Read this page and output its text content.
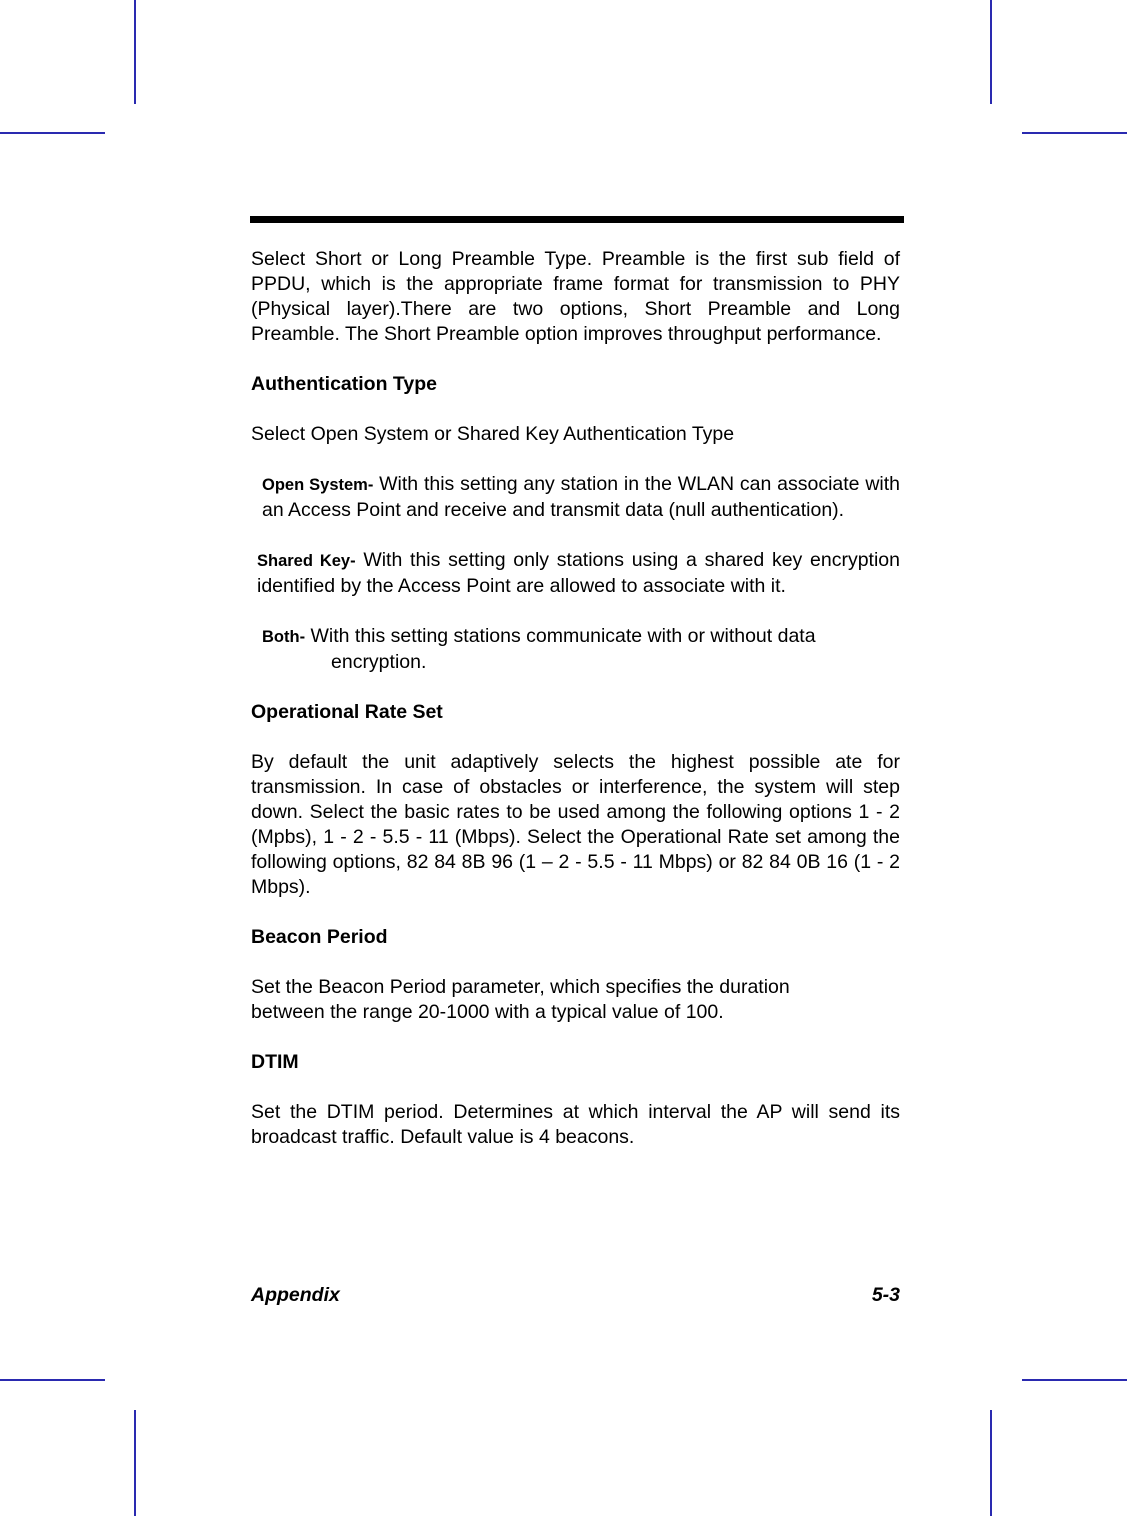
Select Short or Long Preamble Type. Preamble is the first sub field of PPDU, which is the appropriate frame format for transmission to PHY (Physical layer).There are two options, Short Preamble and Long Preamble. The Short Preamble option improves throughput performance.

Authentication Type

Select Open System or Shared Key Authentication Type

Open System- With this setting any station in the WLAN can associate with an Access Point and receive and transmit data (null authentication).

Shared Key- With this setting only stations using a shared key encryption identified by the Access Point are allowed to associate with it.

Both- With this setting stations communicate with or without data encryption.

Operational Rate Set

By default the unit adaptively selects the highest possible ate for transmission. In case of obstacles or interference, the system will step down. Select the basic rates to be used among the following options 1 - 2 (Mpbs), 1 - 2 - 5.5 - 11 (Mbps). Select the Operational Rate set among the following options, 82 84 8B 96 (1 – 2 - 5.5 - 11 Mbps) or 82 84 0B 16 (1 - 2 Mbps).

Beacon Period

Set the Beacon Period parameter, which specifies the duration between the range 20-1000 with a typical value of 100.

DTIM

Set the DTIM period. Determines at which interval the AP will send its broadcast traffic. Default value is 4 beacons.

Appendix	5-3
